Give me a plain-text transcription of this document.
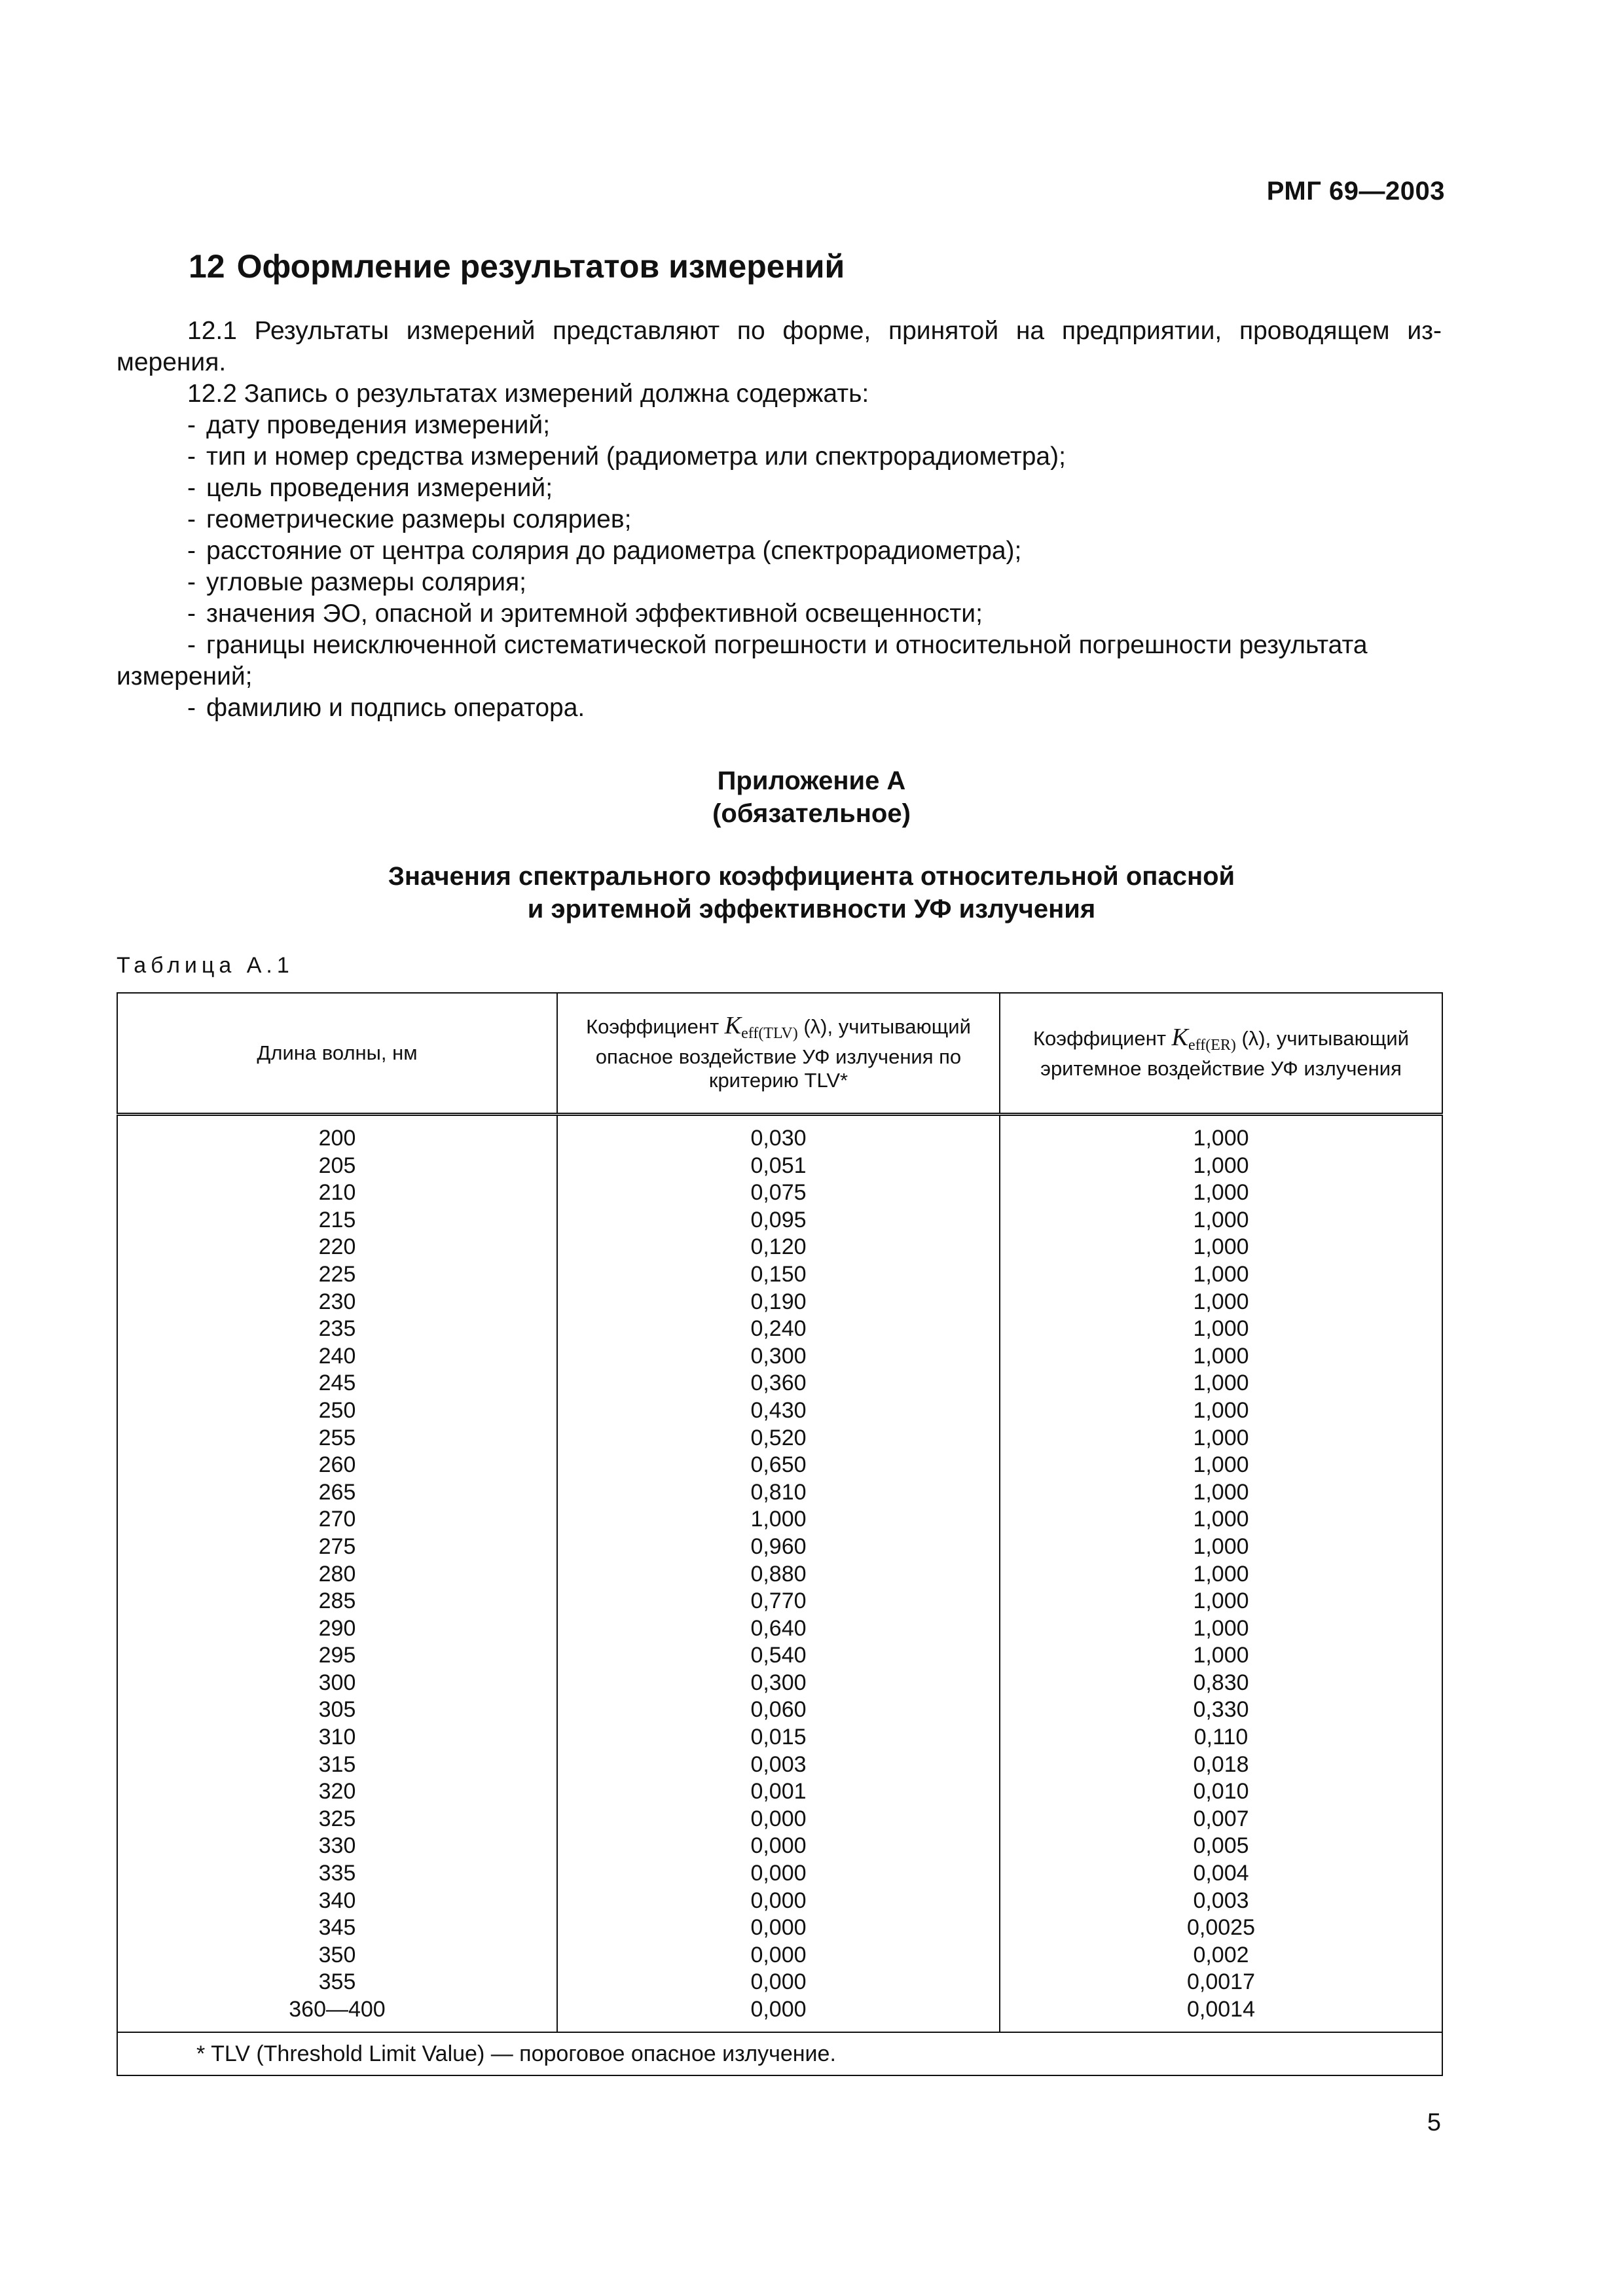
РМГ 69—2003
12 Оформление результатов измерений

12.1 Результаты измерений представляют по форме, принятой на предприятии, проводящем из-мерения.

12.2 Запись о результатах измерений должна содержать:

- дату проведения измерений;

- тип и номер средства измерений (радиометра или спектрорадиометра);

- цель проведения измерений;

- геометрические размеры соляриев;

- расстояние от центра солярия до радиометра (спектрорадиометра);

- угловые размеры солярия;

- значения ЭО, опасной и эритемной эффективной освещенности;

- границы неисключенной систематической погрешности и относительной погрешности результата измерений;

- фамилию и подпись оператора.

Приложение А
(обязательное)
Значения спектрального коэффициента относительной опасной
и эритемной эффективности УФ излучения
Таблица А.1
Длина волны, нм	Коэффициент $K_{eff(TLV)}$ (λ), учитывающий опасное воздействие УФ излучения по критерию TLV*	Коэффициент $K_{eff(ER)}$ (λ), учитывающий эритемное воздействие УФ излучения
200	0,030	1,000
205	0,051	1,000
210	0,075	1,000
215	0,095	1,000
220	0,120	1,000
225	0,150	1,000
230	0,190	1,000
235	0,240	1,000
240	0,300	1,000
245	0,360	1,000
250	0,430	1,000
255	0,520	1,000
260	0,650	1,000
265	0,810	1,000
270	1,000	1,000
275	0,960	1,000
280	0,880	1,000
285	0,770	1,000
290	0,640	1,000
295	0,540	1,000
300	0,300	0,830
305	0,060	0,330
310	0,015	0,110
315	0,003	0,018
320	0,001	0,010
325	0,000	0,007
330	0,000	0,005
335	0,000	0,004
340	0,000	0,003
345	0,000	0,0025
350	0,000	0,002
355	0,000	0,0017
360—400	0,000	0,0014
* TLV (Threshold Limit Value) — пороговое опасное излучение.		
5
